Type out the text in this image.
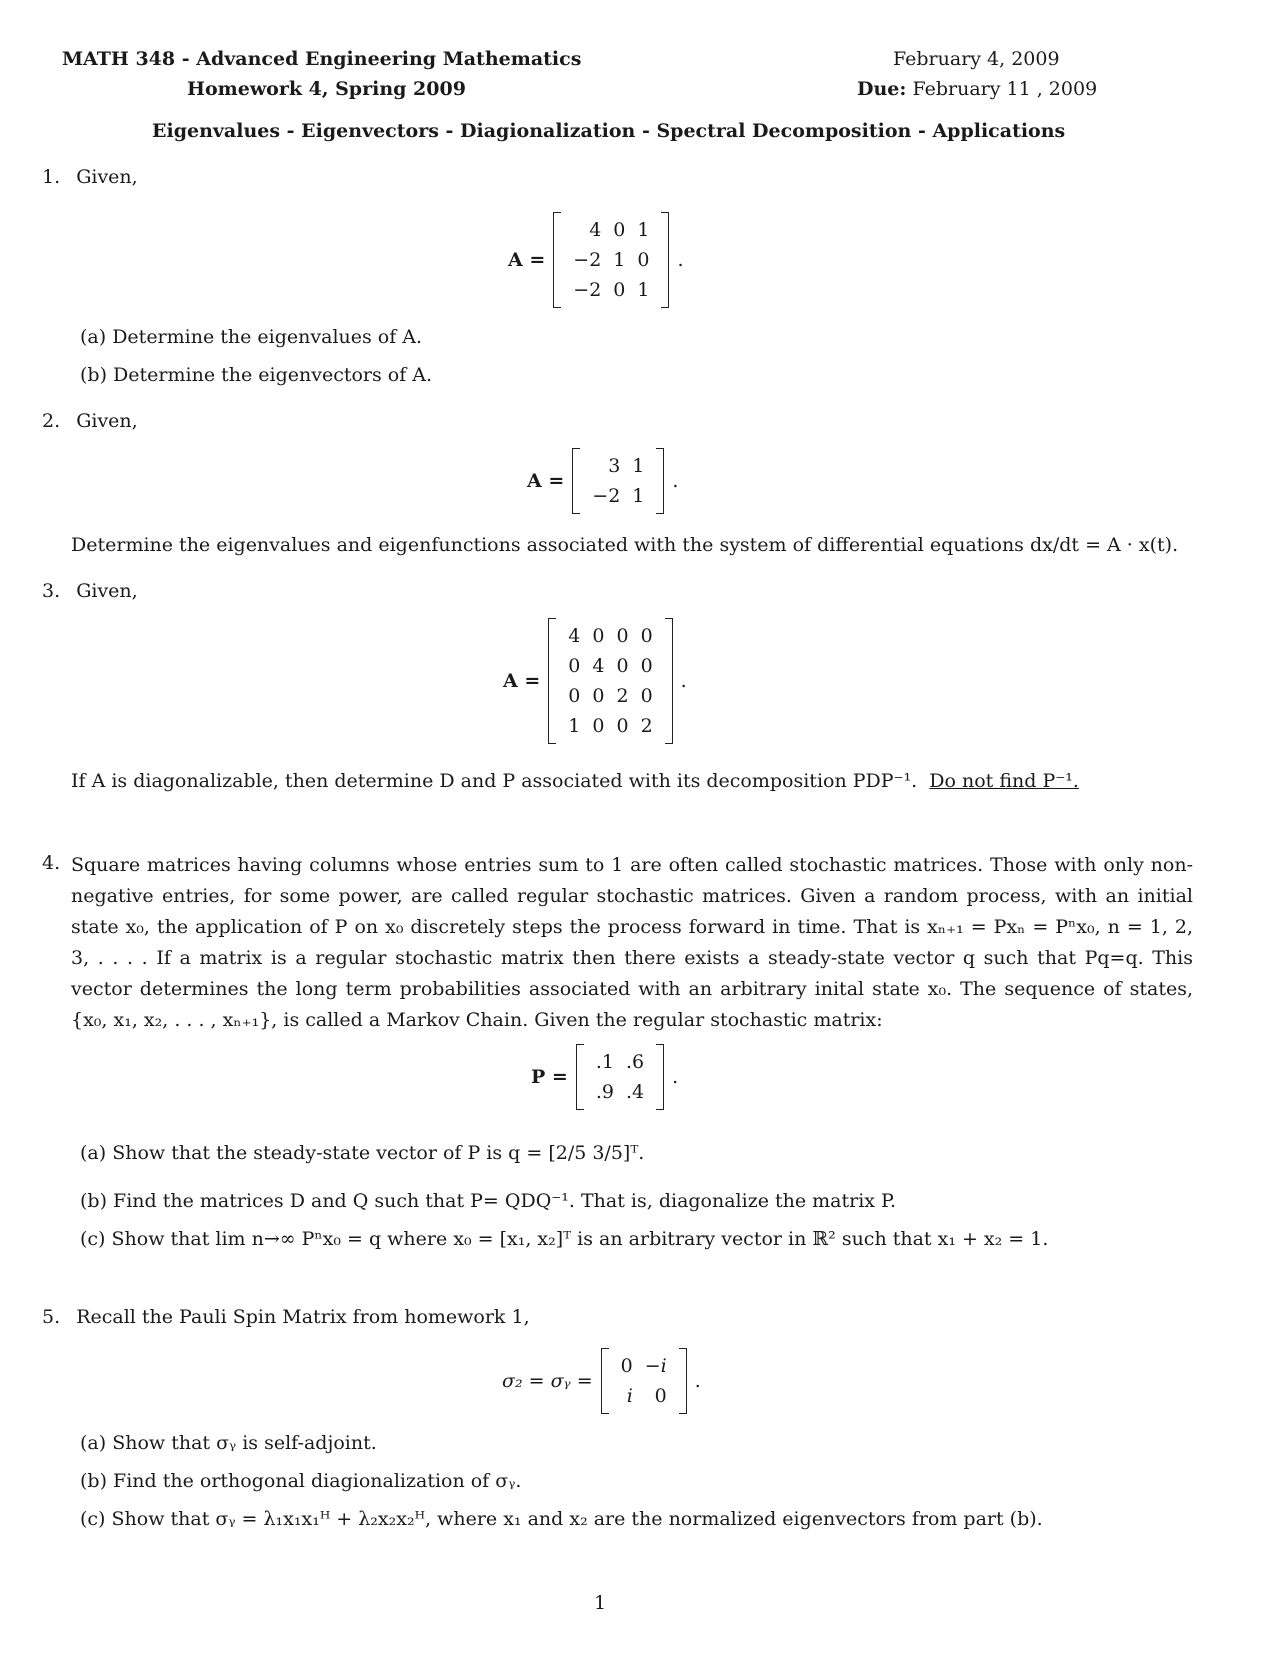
MATH 348 - Advanced Engineering Mathematics
Homework 4, Spring 2009
February 4, 2009
Due: February 11 , 2009
Eigenvalues - Eigenvectors - Diagionalization - Spectral Decomposition - Applications
1. Given,
A =
4 0 1
−2 1 0
−2 0 1
.
(a) Determine the eigenvalues of A.
(b) Determine the eigenvectors of A.
2. Given,
A =
3 1
−2 1
.
Determine the eigenvalues and eigenfunctions associated with the system of differential equations dx/dt = A · x(t).
3. Given,
A =
4 0 0 0
0 4 0 0
0 0 2 0
1 0 0 2
.
If A is diagonalizable, then determine D and P associated with its decomposition PDP⁻¹. Do not find P⁻¹.
4. Square matrices having columns whose entries sum to 1 are often called stochastic matrices. Those with only non-negative entries, for some power, are called regular stochastic matrices. Given a random process, with an initial state x₀, the application of P on x₀ discretely steps the process forward in time. That is xₙ₊₁ = Pxₙ = Pⁿx₀, n = 1, 2, 3, . . . . If a matrix is a regular stochastic matrix then there exists a steady-state vector q such that Pq=q. This vector determines the long term probabilities associated with an arbitrary inital state x₀. The sequence of states, {x₀, x₁, x₂, . . . , xₙ₊₁}, is called a Markov Chain. Given the regular stochastic matrix:
P =
.1 .6
.9 .4
.
(a) Show that the steady-state vector of P is q = [2/5 3/5]ᵀ.
(b) Find the matrices D and Q such that P= QDQ⁻¹. That is, diagonalize the matrix P.
(c) Show that lim n→∞ Pⁿx₀ = q where x₀ = [x₁, x₂]ᵀ is an arbitrary vector in ℝ² such that x₁ + x₂ = 1.
5. Recall the Pauli Spin Matrix from homework 1,
σ₂ = σᵧ =
0 −i
i	0
.
(a) Show that σᵧ is self-adjoint.
(b) Find the orthogonal diagionalization of σᵧ.
(c) Show that σᵧ = λ₁x₁x₁ᴴ + λ₂x₂x₂ᴴ, where x₁ and x₂ are the normalized eigenvectors from part (b).
1
